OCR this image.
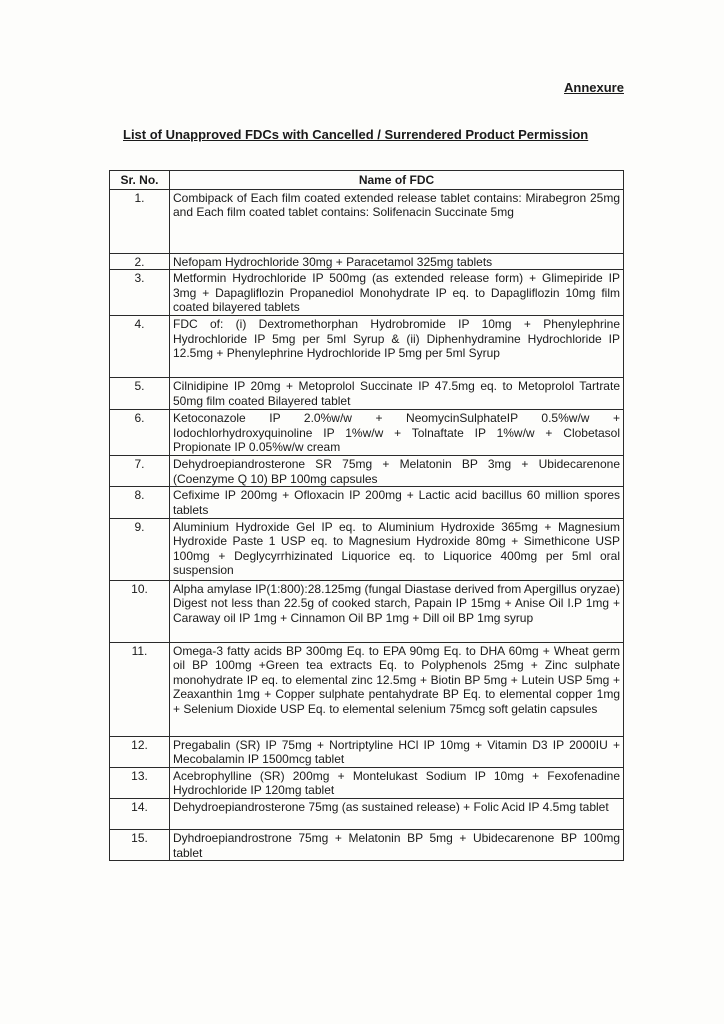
Annexure
List of Unapproved FDCs with Cancelled / Surrendered Product Permission
Sr. No.	Name of FDC
1.	Combipack of Each film coated extended release tablet contains: Mirabegron 25mg and Each film coated tablet contains: Solifenacin Succinate 5mg
2.	Nefopam Hydrochloride 30mg + Paracetamol 325mg tablets
3.	Metformin Hydrochloride IP 500mg (as extended release form) + Glimepiride IP 3mg + Dapagliflozin Propanediol Monohydrate IP eq. to Dapagliflozin 10mg film coated bilayered tablets
4.	FDC of: (i) Dextromethorphan Hydrobromide IP 10mg + Phenylephrine Hydrochloride IP 5mg per 5ml Syrup & (ii) Diphenhydramine Hydrochloride IP 12.5mg + Phenylephrine Hydrochloride IP 5mg per 5ml Syrup
5.	Cilnidipine IP 20mg + Metoprolol Succinate IP 47.5mg eq. to Metoprolol Tartrate 50mg film coated Bilayered tablet
6.	Ketoconazole IP 2.0%w/w + NeomycinSulphateIP 0.5%w/w + Iodochlorhydroxyquinoline IP 1%w/w + Tolnaftate IP 1%w/w + Clobetasol Propionate IP 0.05%w/w cream
7.	Dehydroepiandrosterone SR 75mg + Melatonin BP 3mg + Ubidecarenone (Coenzyme Q 10) BP 100mg capsules
8.	Cefixime IP 200mg + Ofloxacin IP 200mg + Lactic acid bacillus 60 million spores tablets
9.	Aluminium Hydroxide Gel IP eq. to Aluminium Hydroxide 365mg + Magnesium Hydroxide Paste 1 USP eq. to Magnesium Hydroxide 80mg + Simethicone USP 100mg + Deglycyrrhizinated Liquorice eq. to Liquorice 400mg per 5ml oral suspension
10.	Alpha amylase IP(1:800):28.125mg (fungal Diastase derived from Apergillus oryzae) Digest not less than 22.5g of cooked starch, Papain IP 15mg + Anise Oil I.P 1mg + Caraway oil IP 1mg + Cinnamon Oil BP 1mg + Dill oil BP 1mg syrup
11.	Omega-3 fatty acids BP 300mg Eq. to EPA 90mg Eq. to DHA 60mg + Wheat germ oil BP 100mg +Green tea extracts Eq. to Polyphenols 25mg + Zinc sulphate monohydrate IP eq. to elemental zinc 12.5mg + Biotin BP 5mg + Lutein USP 5mg + Zeaxanthin 1mg + Copper sulphate pentahydrate BP Eq. to elemental copper 1mg + Selenium Dioxide USP Eq. to elemental selenium 75mcg soft gelatin capsules
12.	Pregabalin (SR) IP 75mg + Nortriptyline HCl IP 10mg + Vitamin D3 IP 2000IU + Mecobalamin IP 1500mcg tablet
13.	Acebrophylline (SR) 200mg + Montelukast Sodium IP 10mg + Fexofenadine Hydrochloride IP 120mg tablet
14.	Dehydroepiandrosterone 75mg (as sustained release) + Folic Acid IP 4.5mg tablet
15.	Dyhdroepiandrostrone 75mg + Melatonin BP 5mg + Ubidecarenone BP 100mg tablet
